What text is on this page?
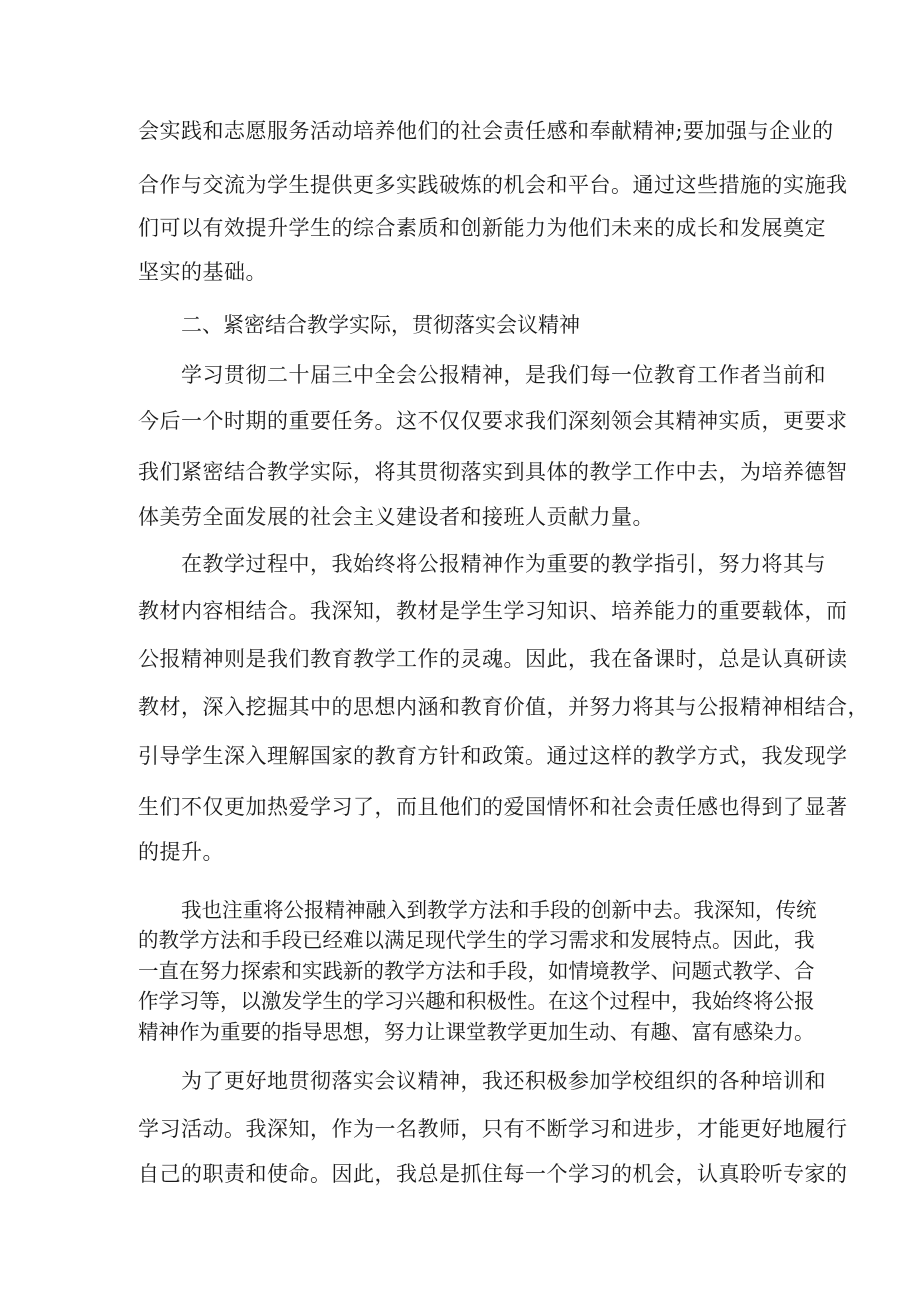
会实践和志愿服务活动培养他们的社会责任感和奉献精神;要加强与企业的
合作与交流为学生提供更多实践破炼的机会和平台。通过这些措施的实施我
们可以有效提升学生的综合素质和创新能力为他们未来的成长和发展奠定
坚实的基础。
二、紧密结合教学实际，贯彻落实会议精神
学习贯彻二十届三中全会公报精神，是我们每一位教育工作者当前和
今后一个时期的重要任务。这不仅仅要求我们深刻领会其精神实质，更要求
我们紧密结合教学实际，将其贯彻落实到具体的教学工作中去，为培养德智
体美劳全面发展的社会主义建设者和接班人贡献力量。
在教学过程中，我始终将公报精神作为重要的教学指引，努力将其与
教材内容相结合。我深知，教材是学生学习知识、培养能力的重要载体，而
公报精神则是我们教育教学工作的灵魂。因此，我在备课时，总是认真研读
教材，深入挖掘其中的思想内涵和教育价值，并努力将其与公报精神相结合，
引导学生深入理解国家的教育方针和政策。通过这样的教学方式，我发现学
生们不仅更加热爱学习了，而且他们的爱国情怀和社会责任感也得到了显著
的提升。
我也注重将公报精神融入到教学方法和手段的创新中去。我深知，传统
的教学方法和手段已经难以满足现代学生的学习需求和发展特点。因此，我
一直在努力探索和实践新的教学方法和手段，如情境教学、问题式教学、合
作学习等，以激发学生的学习兴趣和积极性。在这个过程中，我始终将公报
精神作为重要的指导思想，努力让课堂教学更加生动、有趣、富有感染力。
为了更好地贯彻落实会议精神，我还积极参加学校组织的各种培训和
学习活动。我深知，作为一名教师，只有不断学习和进步，才能更好地履行
自己的职责和使命。因此，我总是抓住每一个学习的机会，认真聆听专家的
